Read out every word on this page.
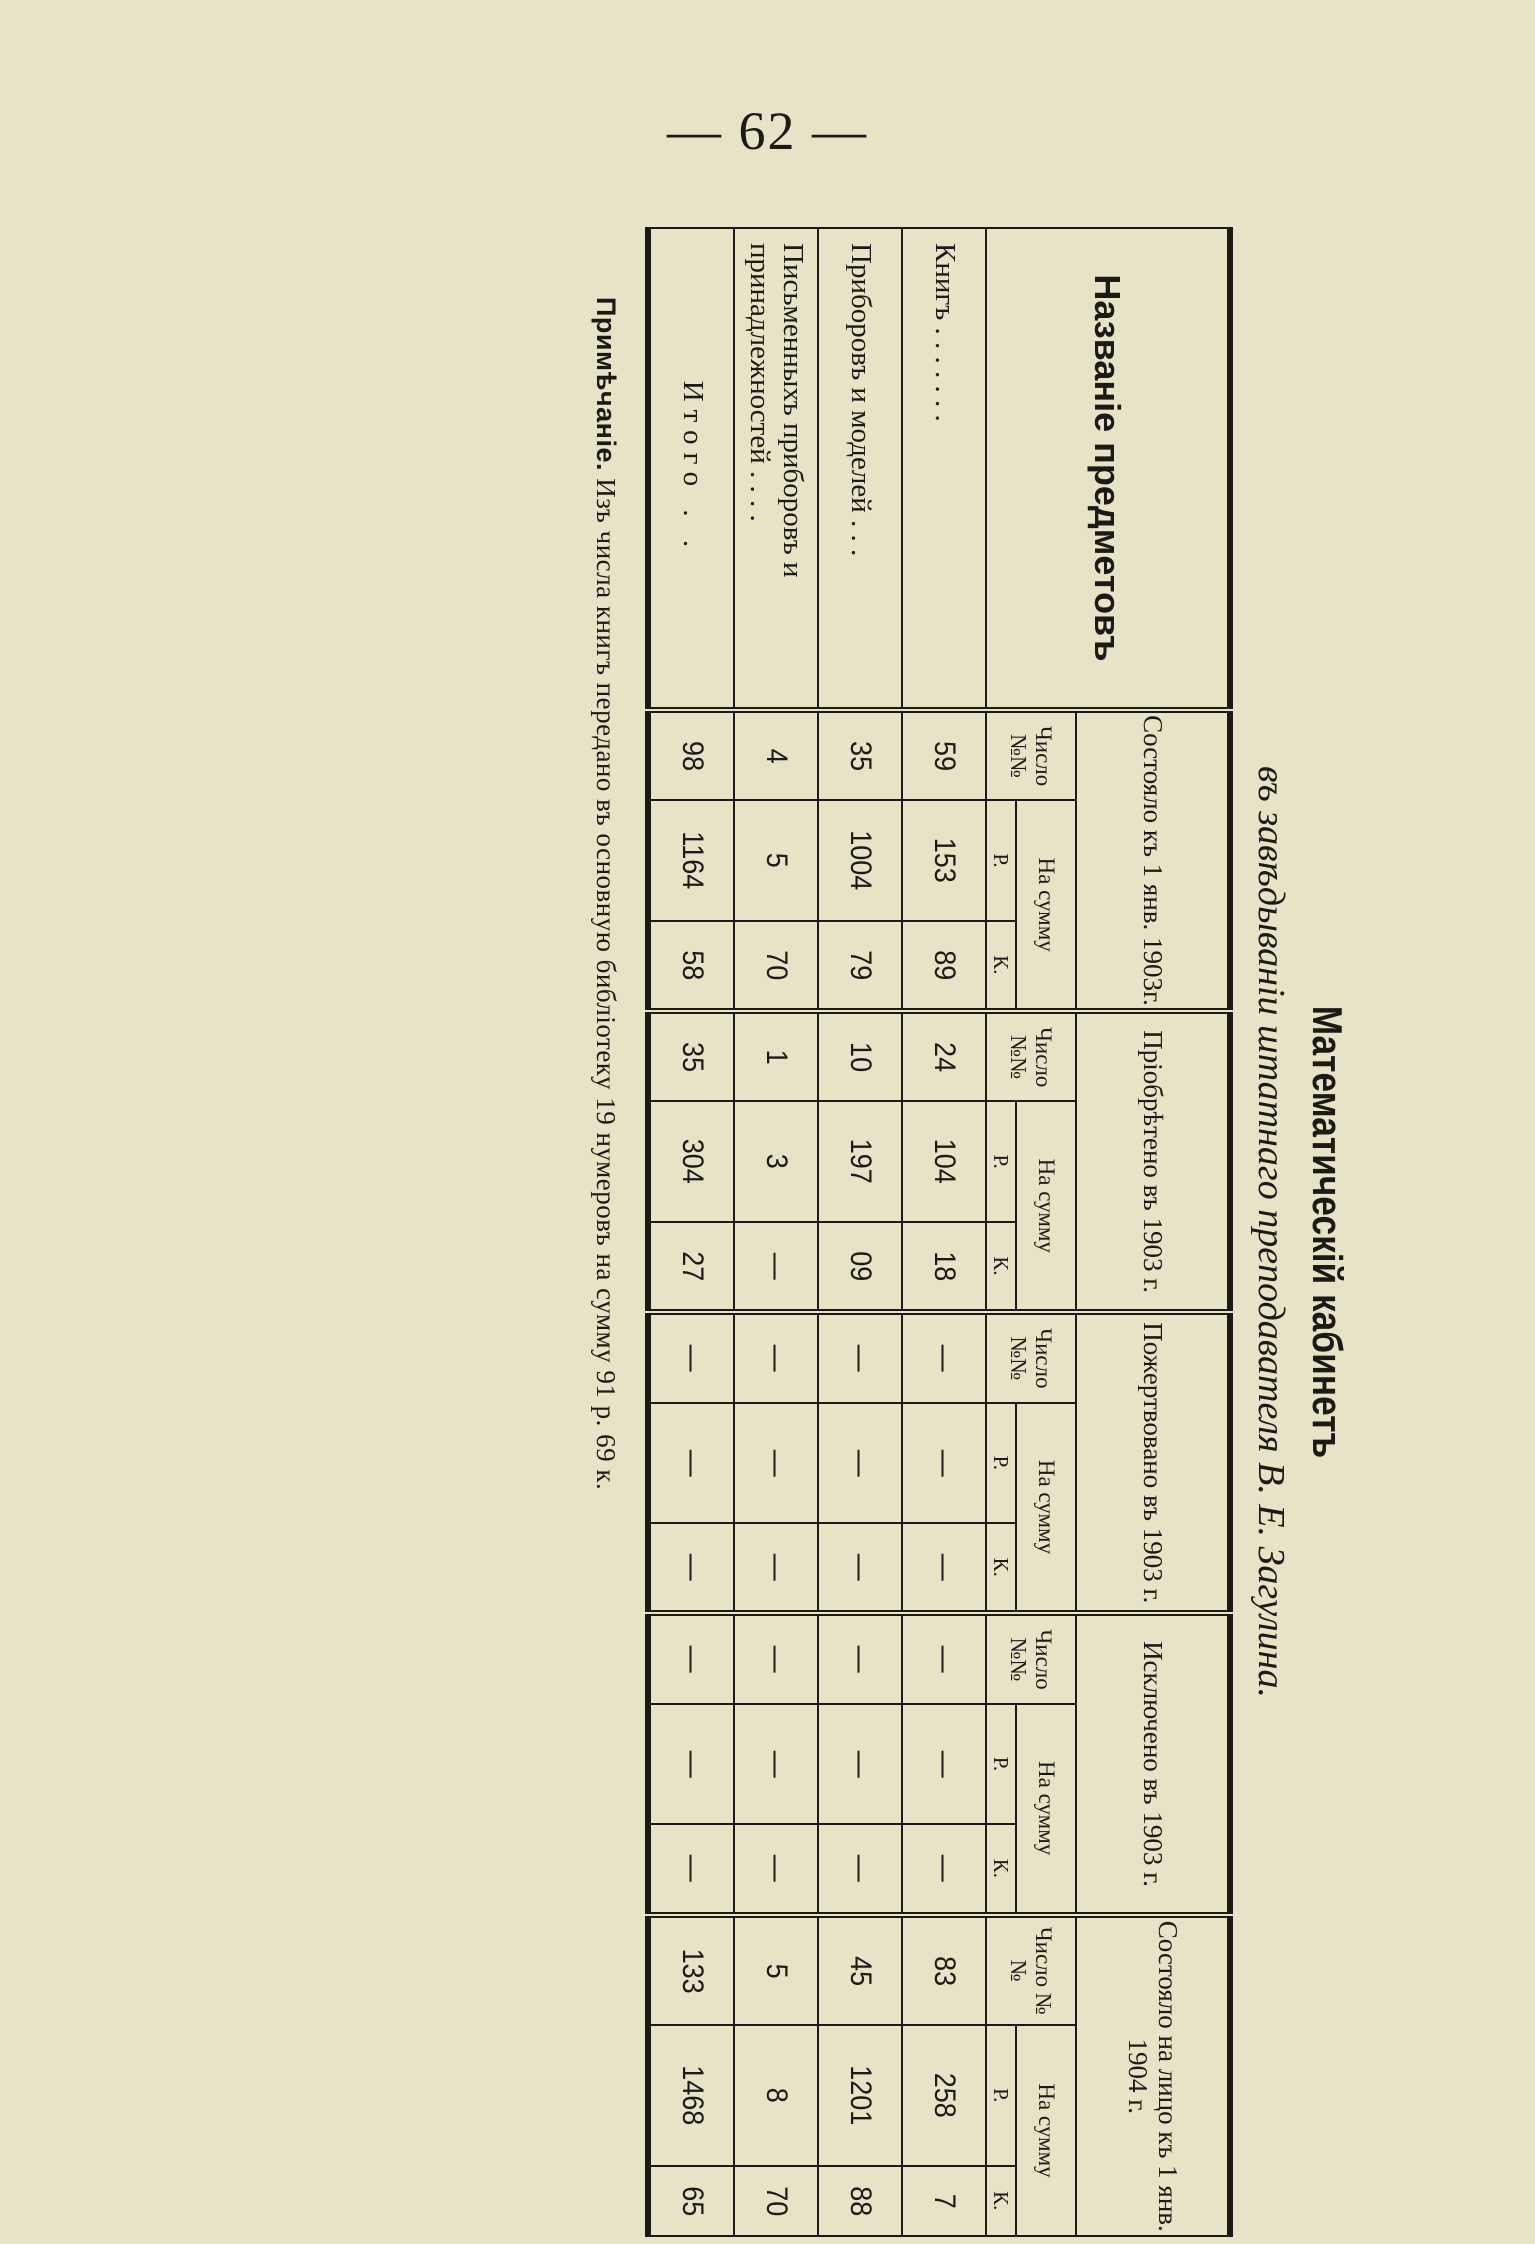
— 62 —
Математическій кабинетъ
въ завѣдываніи штатнаго преподавателя В. Е. Загулина.
Названіе предметовъ	Состояло къ 1 янв. 1903г.			Пріобрѣтено въ 1903 г.			Пожертвовано въ 1903 г.			Исключено въ 1903 г.			Состояло на лицо къ 1 янв. 1904 г.		
	Число №№	На сумму		Число №№	На сумму		Число №№	На сумму		Число №№	На сумму		Число №№	На сумму	
		Р.	К.		Р.	К.		Р.	К.		Р.	К.		Р.	К.
Книгъ . . . . . . .	59	153	89	24	104	18	—	—	—	—	—	—	83	258	7
Приборовъ и моделей . . .	35	1004	79	10	197	09	—	—	—	—	—	—	45	1201	88
Письменныхъ приборовъ и принадлежностей . . . .	4	5	70	1	3	—	—	—	—	—	—	—	5	8	70
Итого . .	98	1164	58	35	304	27	—	—	—	—	—	—	133	1468	65
Примѣчаніе. Изъ числа книгъ передано въ основную библіотеку 19 нумеровъ на сумму 91 р. 69 к.
